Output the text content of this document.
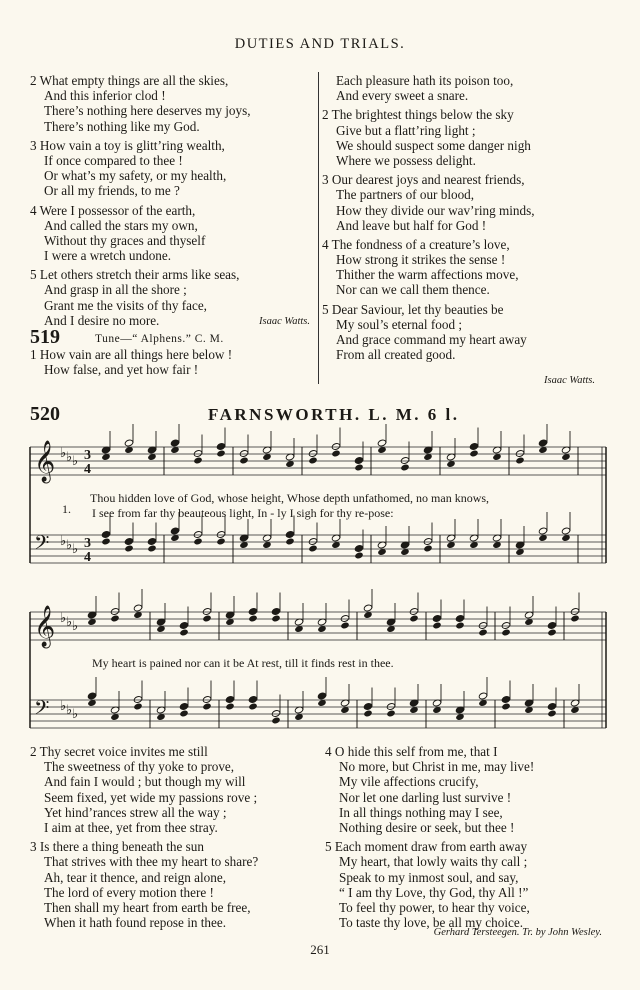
DUTIES AND TRIALS.
2 What empty things are all the skies,
And this inferior clod !
There’s nothing here deserves my joys,
There’s nothing like my God.
3 How vain a toy is glitt’ring wealth,
If once compared to thee !
Or what’s my safety, or my health,
Or all my friends, to me ?
4 Were I possessor of the earth,
And called the stars my own,
Without thy graces and thyself
I were a wretch undone.
5 Let others stretch their arms like seas,
And grasp in all the shore ;
Grant me the visits of thy face,
And I desire no more.	Isaac Watts.
519	Tune—“ Alphens.” C. M.
1 How vain are all things here below !
How false, and yet how fair !
Each pleasure hath its poison too,
And every sweet a snare.
2 The brightest things below the sky
Give but a flatt’ring light ;
We should suspect some danger nigh
Where we possess delight.
3 Our dearest joys and nearest friends,
The partners of our blood,
How they divide our wav’ring minds,
And leave but half for God !
4 The fondness of a creature’s love,
How strong it strikes the sense !
Thither the warm affections move,
Nor can we call them thence.
5 Dear Saviour, let thy beauties be
My soul’s eternal food ;
And grace command my heart away
From all created good.
Isaac Watts.
520	FARNSWORTH. L. M. 6 l.
𝄞 ♭ ♭ ♭
𝄢 ♭ ♭ ♭
3
4
3
4
1.
Thou hidden love of God, whose height, Whose depth unfathomed, no man knows,
I see from far thy beauteous light, In - ly I sigh for thy re-pose:
𝄞 ♭ ♭ ♭
𝄢 ♭ ♭ ♭
My heart is pained nor can it be At rest, till it finds rest in thee.
2 Thy secret voice invites me still
The sweetness of thy yoke to prove,
And fain I would ; but though my will
Seem fixed, yet wide my passions rove ;
Yet hind’rances strew all the way ;
I aim at thee, yet from thee stray.
3 Is there a thing beneath the sun
That strives with thee my heart to share?
Ah, tear it thence, and reign alone,
The lord of every motion there !
Then shall my heart from earth be free,
When it hath found repose in thee.
4 O hide this self from me, that I
No more, but Christ in me, may live!
My vile affections crucify,
Nor let one darling lust survive !
In all things nothing may I see,
Nothing desire or seek, but thee !
5 Each moment draw from earth away
My heart, that lowly waits thy call ;
Speak to my inmost soul, and say,
“ I am thy Love, thy God, thy All !”
To feel thy power, to hear thy voice,
To taste thy love, be all my choice.
Gerhard Tersteegen. Tr. by John Wesley.
261
